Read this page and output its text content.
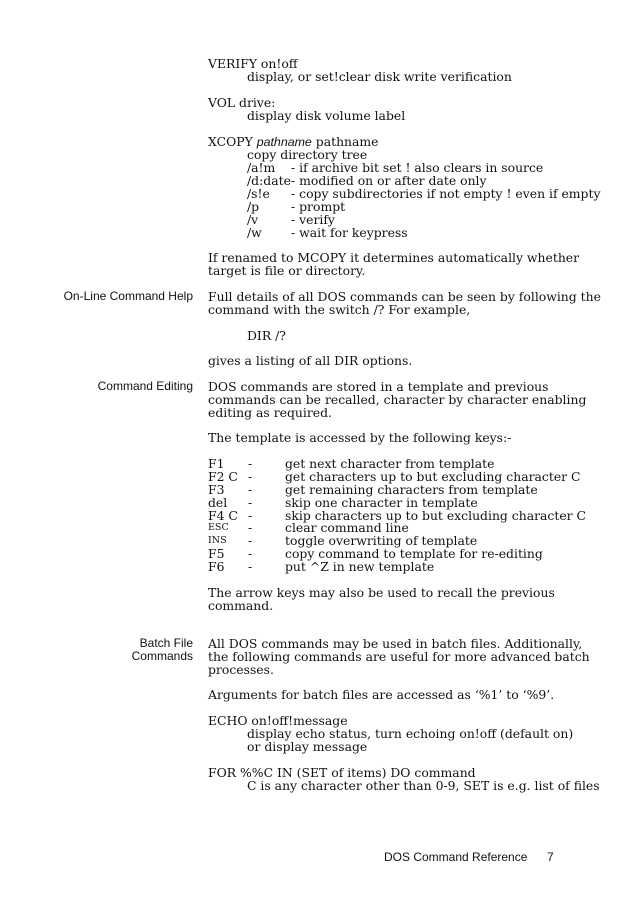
VERIFY on!off
display, or set!clear disk write verification
VOL drive:
display disk volume label
XCOPY pathname pathname
copy directory tree
/a!m - if archive bit set ! also clears in source
/d:date - modified on or after date only
/s!e - copy subdirectories if not empty ! even if empty
/p	- prompt
/v	- verify
/w - wait for keypress
If renamed to MCOPY it determines automatically whether
target is file or directory.
On-Line Command Help Full details of all DOS commands can be seen by following the
command with the switch /? For example,
DIR /?
gives a listing of all DIR options.
Command Editing DOS commands are stored in a template and previous
commands can be recalled, character by character enabling
editing as required.
The template is accessed by the following keys:-
F1 -	get next character from template
F2 C -	get characters up to but excluding character C
F3 -	get remaining characters from template
del -	skip one character in template
F4 C -	skip characters up to but excluding character C
ESC -	clear command line
INS -	toggle overwriting of template
F5 -	copy command to template for re-editing
F6 -	put ^Z in new template
The arrow keys may also be used to recall the previous
command.
Batch File
Commands
All DOS commands may be used in batch files. Additionally,
the following commands are useful for more advanced batch
processes.
Arguments for batch files are accessed as ‘%1’ to ‘%9’.
ECHO on!off!message
display echo status, turn echoing on!off (default on)
or display message
FOR %%C IN (SET of items) DO command
C is any character other than 0-9, SET is e.g. list of files
DOS Command Reference 7
